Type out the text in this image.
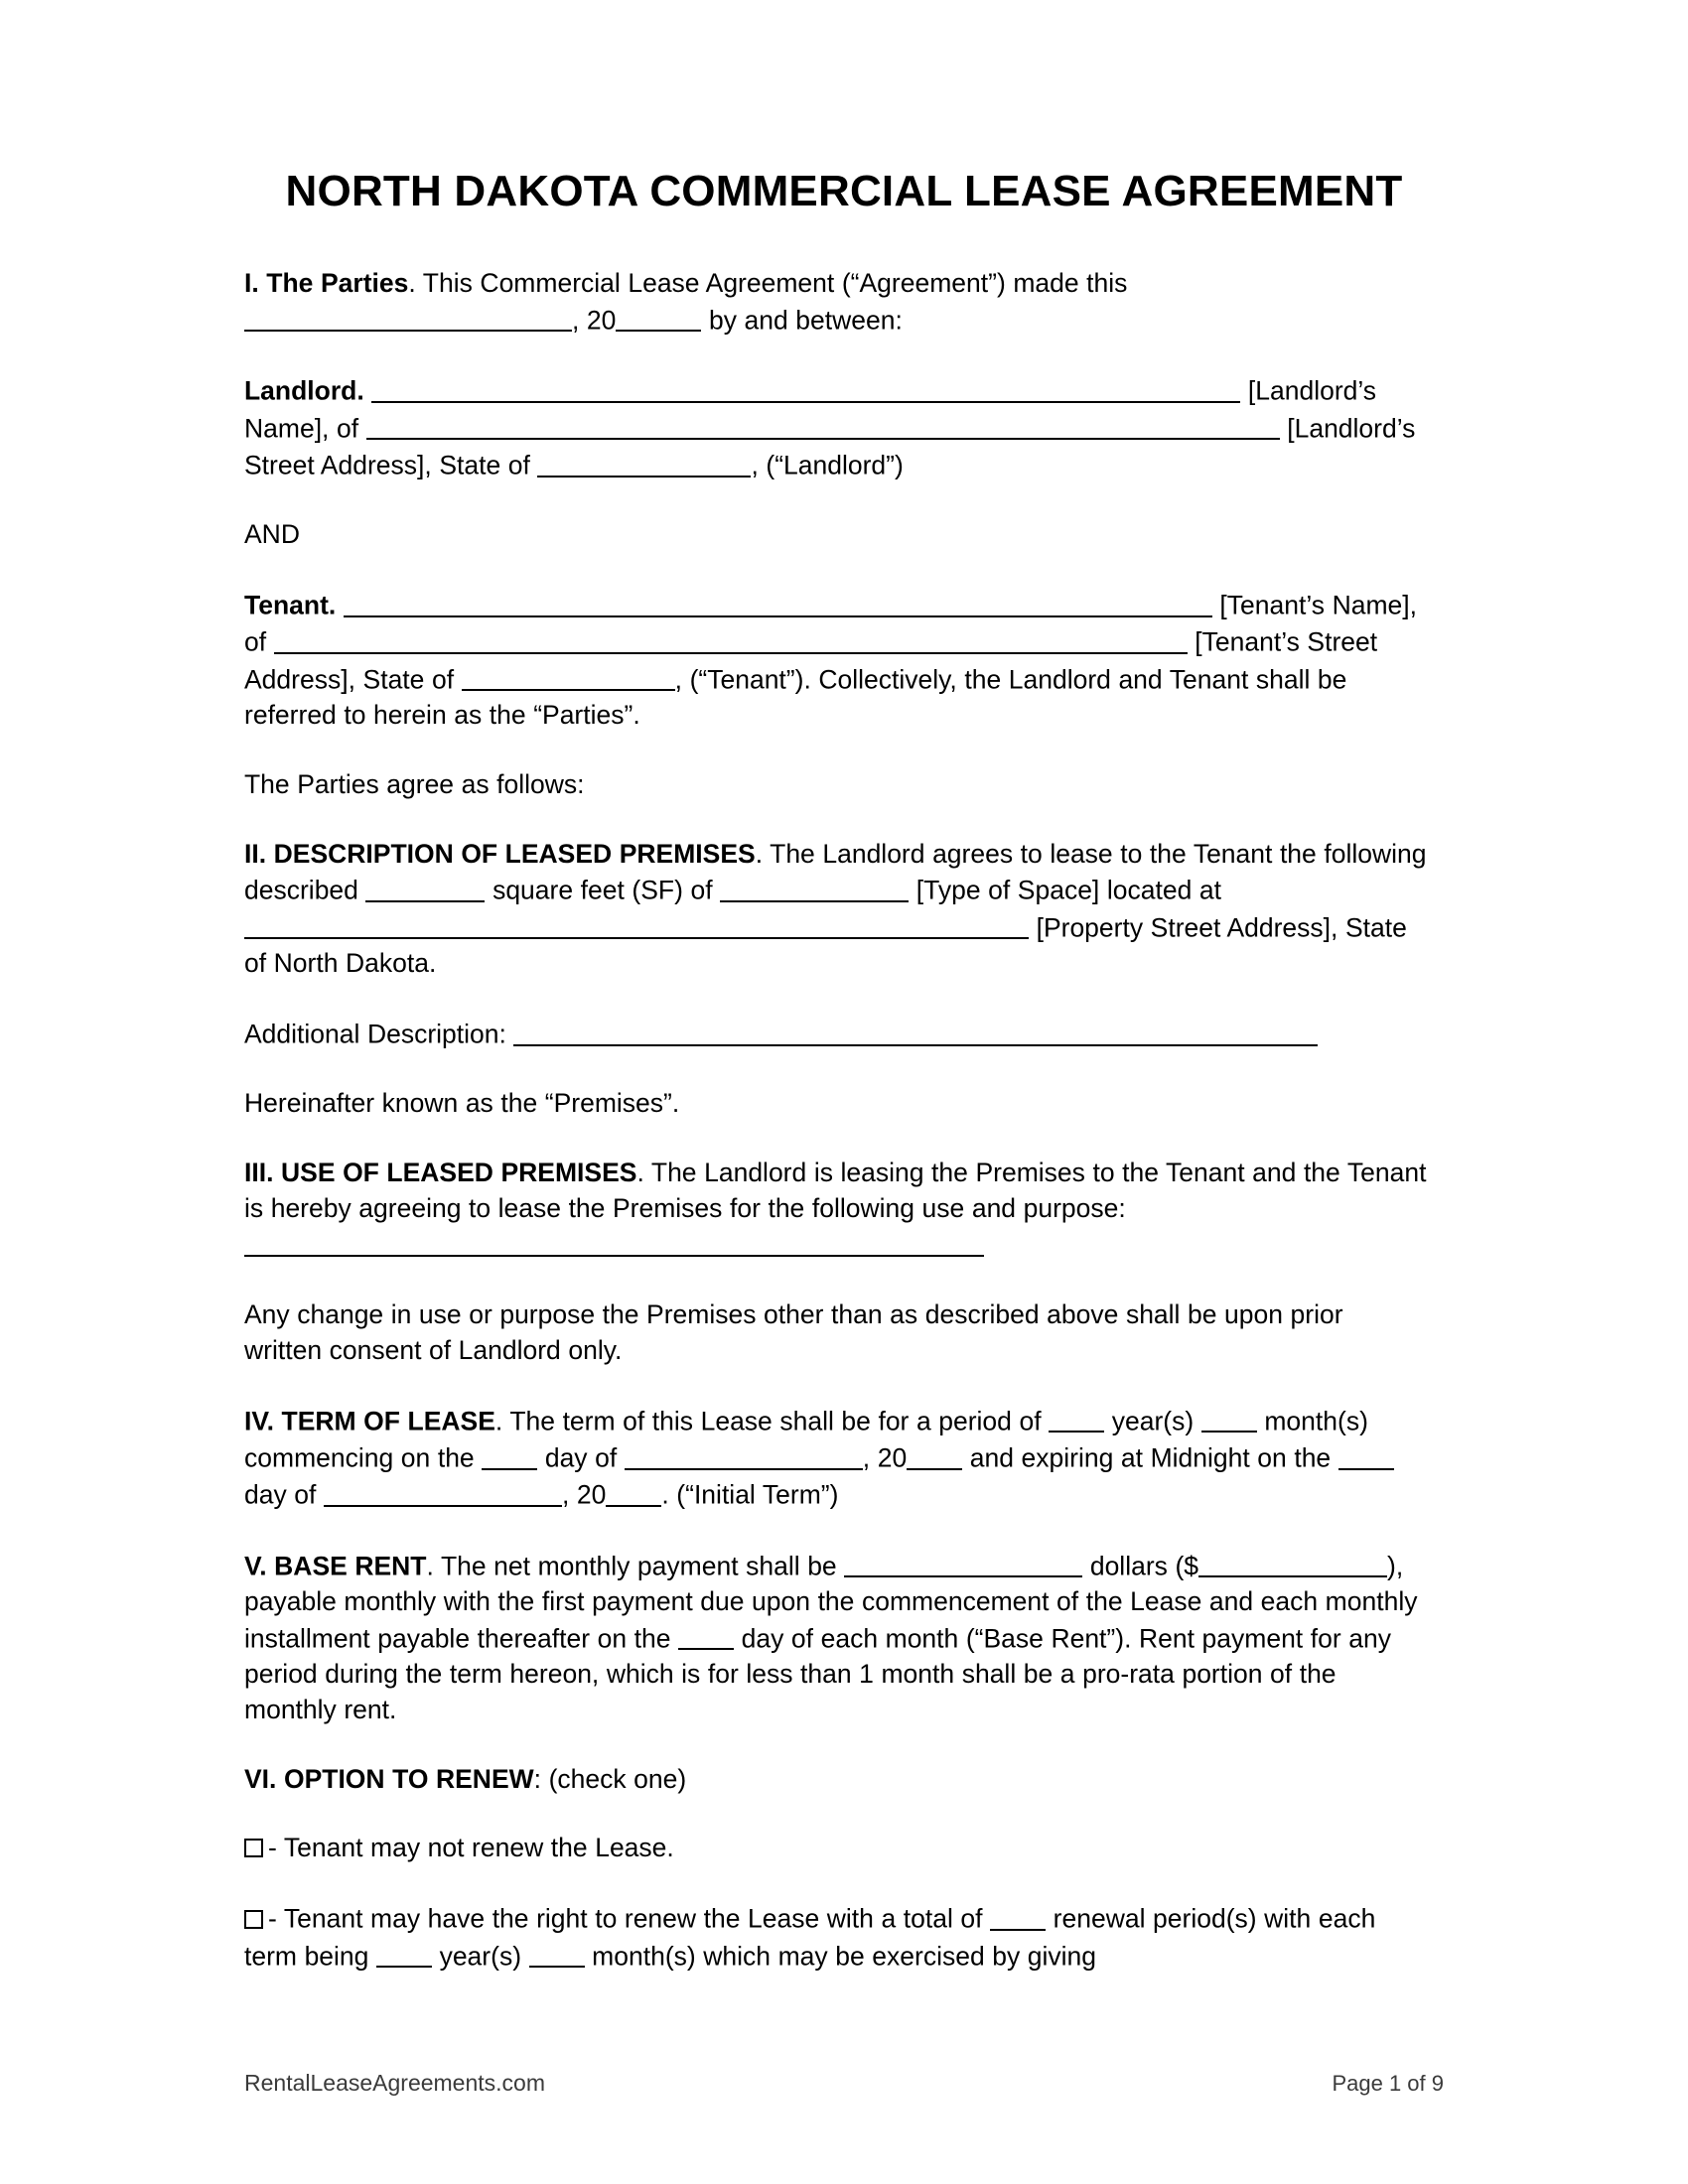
NORTH DAKOTA COMMERCIAL LEASE AGREEMENT

I. The Parties. This Commercial Lease Agreement (“Agreement”) made this , 20	by and between:

Landlord.	[Landlord’s Name], of	[Landlord’s Street Address], State of	, (“Landlord”)

AND

Tenant.	[Tenant’s Name], of	[Tenant’s Street Address], State of	, (“Tenant”). Collectively, the Landlord and Tenant shall be referred to herein as the “Parties”.

The Parties agree as follows:

II. DESCRIPTION OF LEASED PREMISES. The Landlord agrees to lease to the Tenant the following described	square feet (SF) of	[Type of Space] located at  [Property Street Address], State of North Dakota.

Additional Description:

Hereinafter known as the “Premises”.

III. USE OF LEASED PREMISES. The Landlord is leasing the Premises to the Tenant and the Tenant is hereby agreeing to lease the Premises for the following use and purpose:

Any change in use or purpose the Premises other than as described above shall be upon prior written consent of Landlord only.

IV. TERM OF LEASE. The term of this Lease shall be for a period of	year(s)	month(s) commencing on the	day of	, 20 and expiring at Midnight on the  day of	, 20 . (“Initial Term”)

V. BASE RENT. The net monthly payment shall be	dollars ($	), payable monthly with the first payment due upon the commencement of the Lease and each monthly installment payable thereafter on the	day of each month (“Base Rent”). Rent payment for any period during the term hereon, which is for less than 1 month shall be a pro-rata portion of the monthly rent.

VI. OPTION TO RENEW: (check one)

- Tenant may not renew the Lease.

- Tenant may have the right to renew the Lease with a total of	renewal period(s) with each term being	year(s)	month(s) which may be exercised by giving

RentalLeaseAgreements.com	Page 1 of 9
